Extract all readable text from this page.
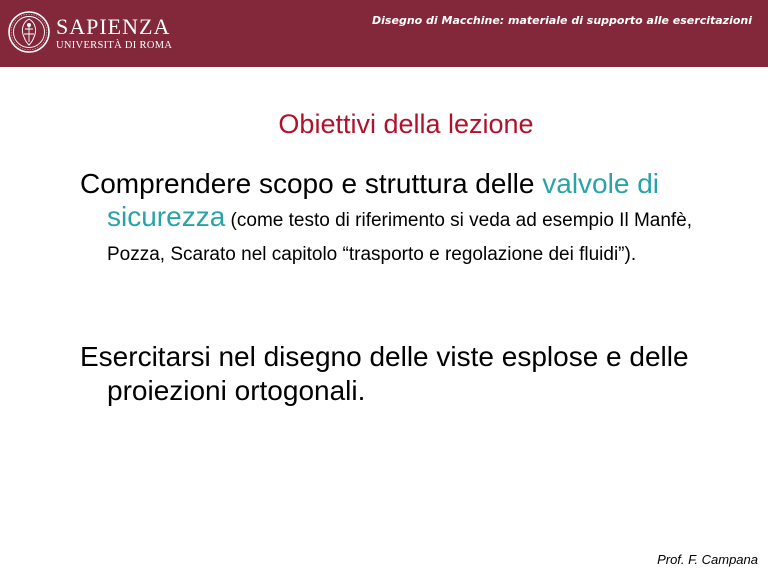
SAPIENZA
UNIVERSITÀ DI ROMA
Disegno di Macchine: materiale di supporto alle esercitazioni
Obiettivi della lezione
Comprendere scopo e struttura delle valvole di sicurezza (come testo di riferimento si veda ad esempio Il Manfè, Pozza, Scarato nel capitolo “trasporto e regolazione dei fluidi”).
Esercitarsi nel disegno delle viste esplose e delle proiezioni ortogonali.
Prof. F. Campana
